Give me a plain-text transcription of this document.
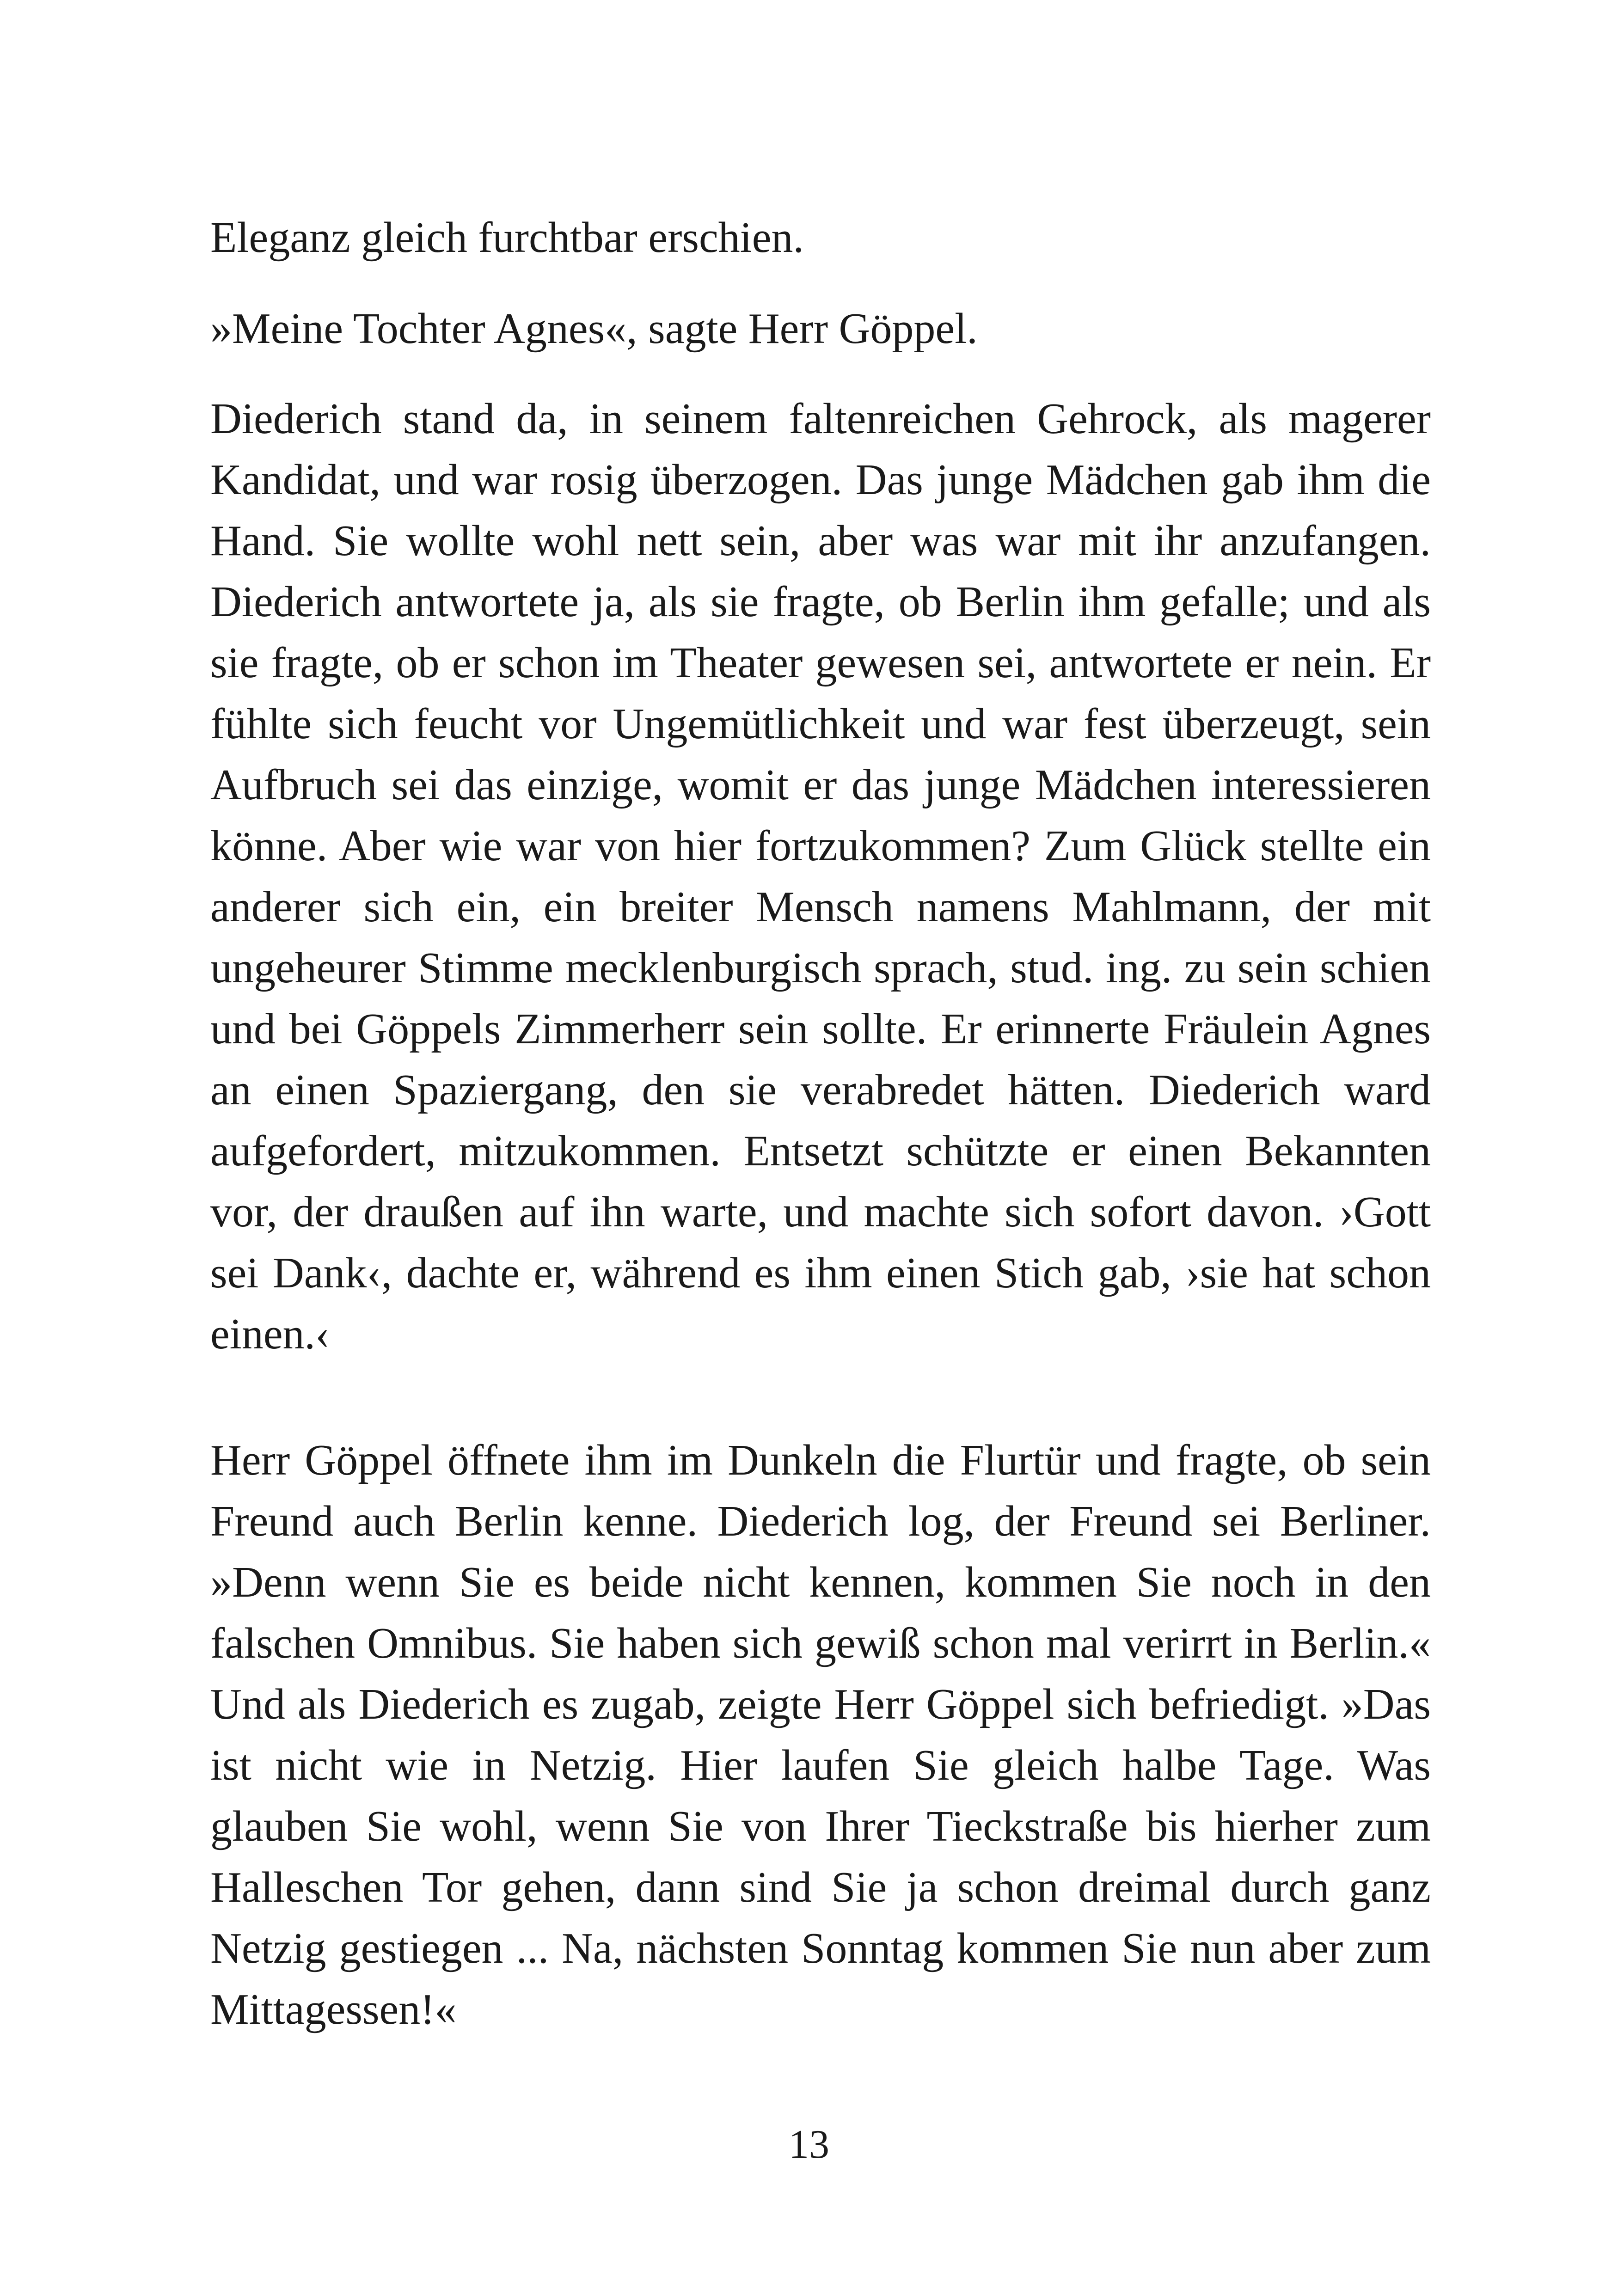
Eleganz gleich furchtbar erschien.

»Meine Tochter Agnes«, sagte Herr Göppel.

Diederich stand da, in seinem faltenreichen Gehrock, als magerer Kandidat, und war rosig überzogen. Das junge Mädchen gab ihm die Hand. Sie wollte wohl nett sein, aber was war mit ihr anzufangen. Diederich antwortete ja, als sie fragte, ob Berlin ihm gefalle; und als sie fragte, ob er schon im Theater gewesen sei, antwortete er nein. Er fühlte sich feucht vor Ungemütlichkeit und war fest überzeugt, sein Aufbruch sei das einzige, womit er das junge Mädchen interessieren könne. Aber wie war von hier fortzukommen? Zum Glück stellte ein anderer sich ein, ein breiter Mensch namens Mahlmann, der mit ungeheurer Stimme mecklenburgisch sprach, stud. ing. zu sein schien und bei Göppels Zimmerherr sein sollte. Er erinnerte Fräulein Agnes an einen Spaziergang, den sie verabredet hätten. Diederich ward aufgefordert, mitzukommen. Entsetzt schützte er einen Bekannten vor, der draußen auf ihn warte, und machte sich sofort davon. ›Gott sei Dank‹, dachte er, während es ihm einen Stich gab, ›sie hat schon einen.‹

Herr Göppel öffnete ihm im Dunkeln die Flurtür und fragte, ob sein Freund auch Berlin kenne. Diederich log, der Freund sei Berliner. »Denn wenn Sie es beide nicht kennen, kommen Sie noch in den falschen Omnibus. Sie haben sich gewiß schon mal verirrt in Berlin.« Und als Diederich es zugab, zeigte Herr Göppel sich befriedigt. »Das ist nicht wie in Netzig. Hier laufen Sie gleich halbe Tage. Was glauben Sie wohl, wenn Sie von Ihrer Tieckstraße bis hierher zum Halleschen Tor gehen, dann sind Sie ja schon dreimal durch ganz Netzig gestiegen ... Na, nächsten Sonntag kommen Sie nun aber zum Mittagessen!«

13
